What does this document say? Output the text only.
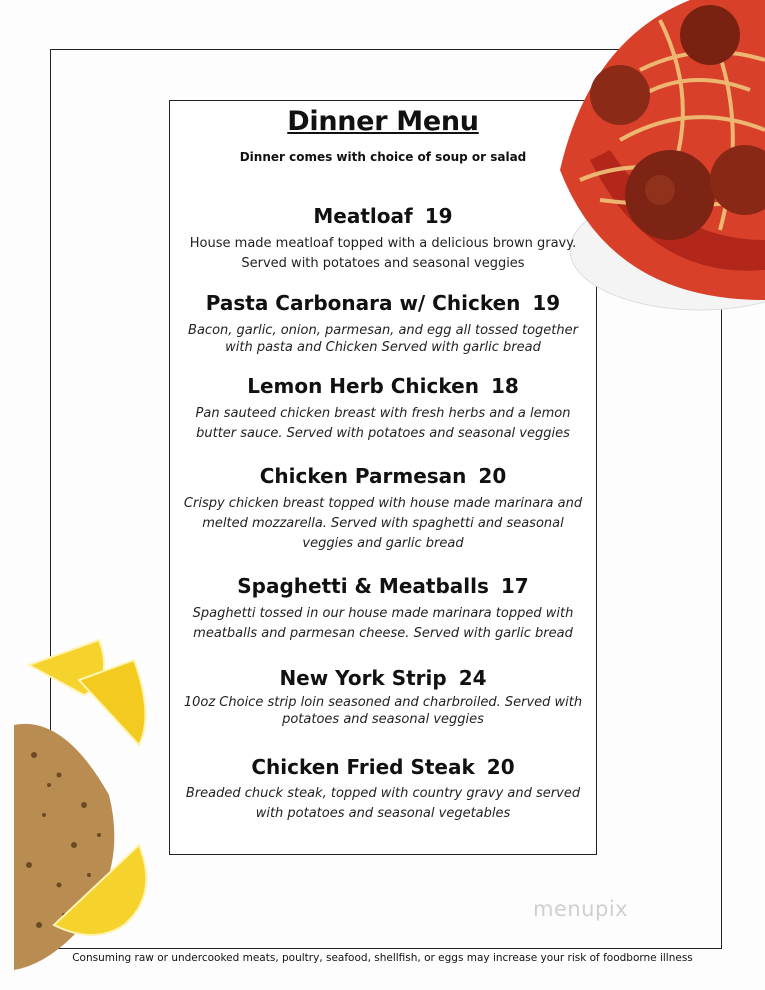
Dinner Menu
Dinner comes with choice of soup or salad
Meatloaf 19
House made meatloaf topped with a delicious brown gravy.
Served with potatoes and seasonal veggies
Pasta Carbonara w/ Chicken 19
Bacon, garlic, onion, parmesan, and egg all tossed together
with pasta and Chicken Served with garlic bread
Lemon Herb Chicken 18
Pan sauteed chicken breast with fresh herbs and a lemon
butter sauce. Served with potatoes and seasonal veggies
Chicken Parmesan 20
Crispy chicken breast topped with house made marinara and
melted mozzarella. Served with spaghetti and seasonal
veggies and garlic bread
Spaghetti & Meatballs 17
Spaghetti tossed in our house made marinara topped with
meatballs and parmesan cheese. Served with garlic bread
New York Strip 24
10oz Choice strip loin seasoned and charbroiled. Served with
potatoes and seasonal veggies
Chicken Fried Steak 20
Breaded chuck steak, topped with country gravy and served
with potatoes and seasonal vegetables
menupix
Consuming raw or undercooked meats, poultry, seafood, shellfish, or eggs may increase your risk of foodborne illness
